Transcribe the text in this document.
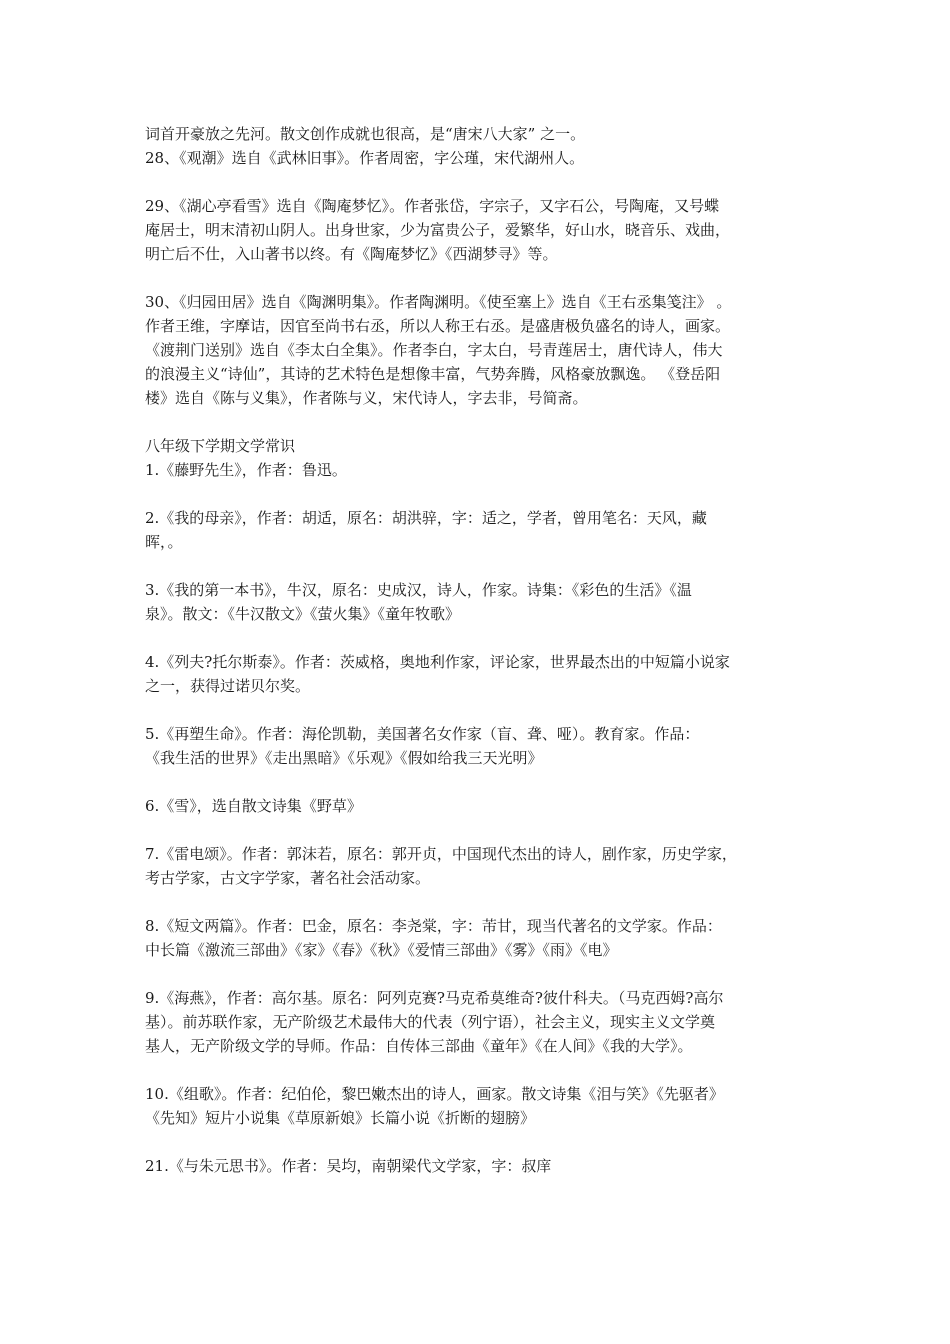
词首开豪放之先河。散文创作成就也很高，是“唐宋八大家” 之一。
28、《观潮》选自《武林旧事》。作者周密，字公瑾，宋代湖州人。

29、《湖心亭看雪》选自《陶庵梦忆》。作者张岱，字宗子，又字石公，号陶庵，又号蝶
庵居士，明末清初山阴人。出身世家，少为富贵公子，爱繁华，好山水，晓音乐、戏曲，
明亡后不仕，入山著书以终。有《陶庵梦忆》《西湖梦寻》等。

30、《归园田居》选自《陶渊明集》。作者陶渊明。《使至塞上》选自《王右丞集笺注》 。
作者王维，字摩诘，因官至尚书右丞，所以人称王右丞。是盛唐极负盛名的诗人，画家。
《渡荆门送别》选自《李太白全集》。作者李白，字太白，号青莲居士，唐代诗人，伟大
的浪漫主义“诗仙”，其诗的艺术特色是想像丰富，气势奔腾，风格豪放飘逸。 《登岳阳
楼》选自《陈与义集》，作者陈与义，宋代诗人，字去非，号简斋。

八年级下学期文学常识
1.《藤野先生》，作者：鲁迅。

2.《我的母亲》，作者：胡适，原名：胡洪骍，字：适之，学者，曾用笔名：天风，藏
晖，。

3.《我的第一本书》，牛汉，原名：史成汉，诗人，作家。诗集：《彩色的生活》《温
泉》。散文：《牛汉散文》《萤火集》《童年牧歌》

4.《列夫?托尔斯泰》。作者：茨威格，奥地利作家，评论家，世界最杰出的中短篇小说家
之一，获得过诺贝尔奖。

5.《再塑生命》。作者：海伦凯勒，美国著名女作家（盲、聋、哑）。教育家。作品：
《我生活的世界》《走出黑暗》《乐观》《假如给我三天光明》

6.《雪》，选自散文诗集《野草》

7.《雷电颂》。作者：郭沫若，原名：郭开贞，中国现代杰出的诗人，剧作家，历史学家，
考古学家，古文字学家，著名社会活动家。

8.《短文两篇》。作者：巴金，原名：李尧棠，字：芾甘，现当代著名的文学家。作品：
中长篇《激流三部曲》《家》《春》《秋》《爱情三部曲》《雾》《雨》《电》

9.《海燕》，作者：高尔基。原名：阿列克赛?马克希莫维奇?彼什科夫。（马克西姆?高尔
基）。前苏联作家，无产阶级艺术最伟大的代表（列宁语），社会主义，现实主义文学奠
基人，无产阶级文学的导师。作品：自传体三部曲《童年》《在人间》《我的大学》。

10.《组歌》。作者：纪伯伦，黎巴嫩杰出的诗人，画家。散文诗集《泪与笑》《先驱者》
《先知》短片小说集《草原新娘》长篇小说《折断的翅膀》

21.《与朱元思书》。作者：吴均，南朝梁代文学家，字：叔庠
